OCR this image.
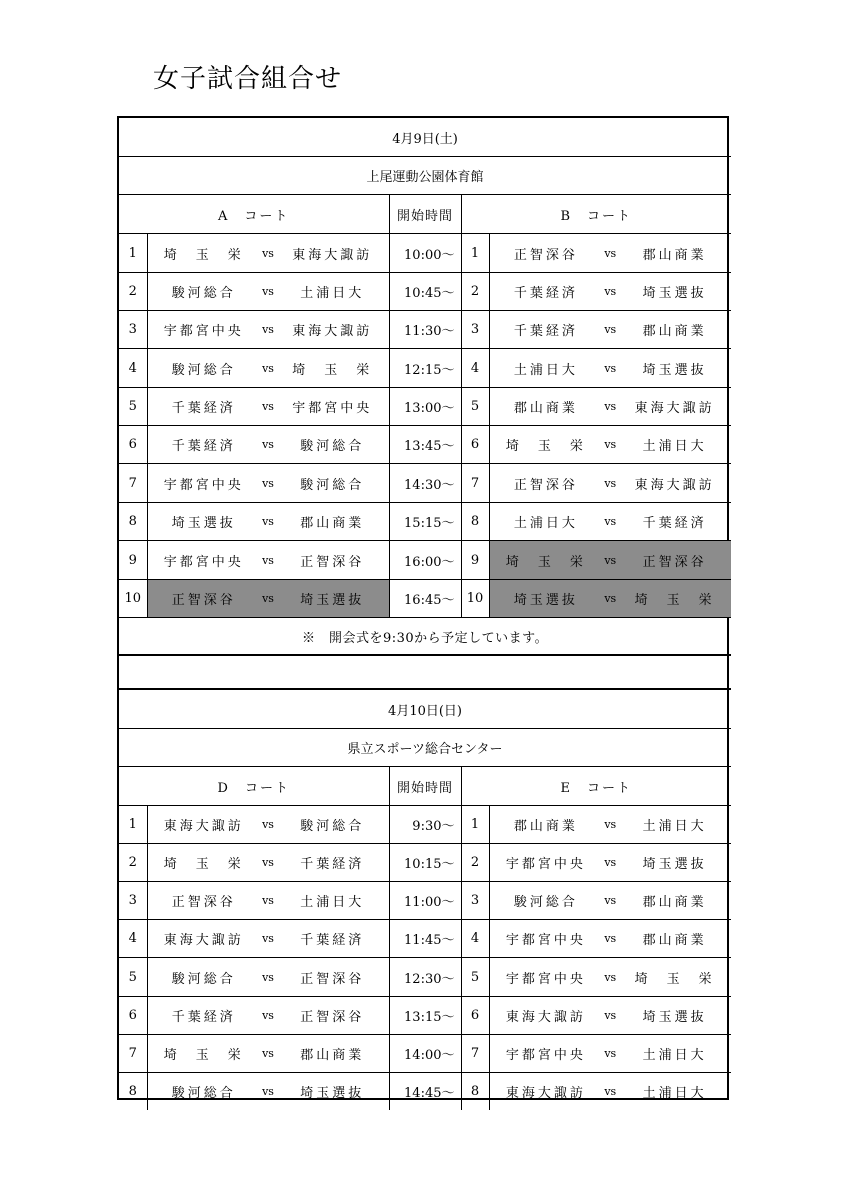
女子試合組合せ
4月9日(土)				
上尾運動公園体育館				
A　コート		開始時間	B　コート	
1	埼　玉　栄 vs 東海大諏訪	10:00〜	1	正智深谷 vs 郡山商業

2	駿河総合 vs 土浦日大	10:45〜	2	千葉経済 vs 埼玉選抜

3	宇都宮中央 vs 東海大諏訪	11:30〜	3	千葉経済 vs 郡山商業

4	駿河総合 vs 埼　玉　栄	12:15〜	4	土浦日大 vs 埼玉選抜

5	千葉経済 vs 宇都宮中央	13:00〜	5	郡山商業 vs 東海大諏訪

6	千葉経済 vs 駿河総合	13:45〜	6	埼　玉　栄 vs 土浦日大

7	宇都宮中央 vs 駿河総合	14:30〜	7	正智深谷 vs 東海大諏訪

8	埼玉選抜 vs 郡山商業	15:15〜	8	土浦日大 vs 千葉経済

9	宇都宮中央 vs 正智深谷	16:00〜	9	埼　玉　栄 vs 正智深谷

10	正智深谷 vs 埼玉選抜	16:45〜	10	埼玉選抜 vs 埼　玉　栄

※　開会式を9:30から予定しています。				

4月10日(日)				
県立スポーツ総合センター				
D　コート		開始時間	E　コート	
1	東海大諏訪 vs 駿河総合	9:30〜	1	郡山商業 vs 土浦日大

2	埼　玉　栄 vs 千葉経済	10:15〜	2	宇都宮中央 vs 埼玉選抜

3	正智深谷 vs 土浦日大	11:00〜	3	駿河総合 vs 郡山商業

4	東海大諏訪 vs 千葉経済	11:45〜	4	宇都宮中央 vs 郡山商業

5	駿河総合 vs 正智深谷	12:30〜	5	宇都宮中央 vs 埼　玉　栄

6	千葉経済 vs 正智深谷	13:15〜	6	東海大諏訪 vs 埼玉選抜

7	埼　玉　栄 vs 郡山商業	14:00〜	7	宇都宮中央 vs 土浦日大

8	駿河総合 vs 埼玉選抜	14:45〜	8	東海大諏訪 vs 土浦日大
